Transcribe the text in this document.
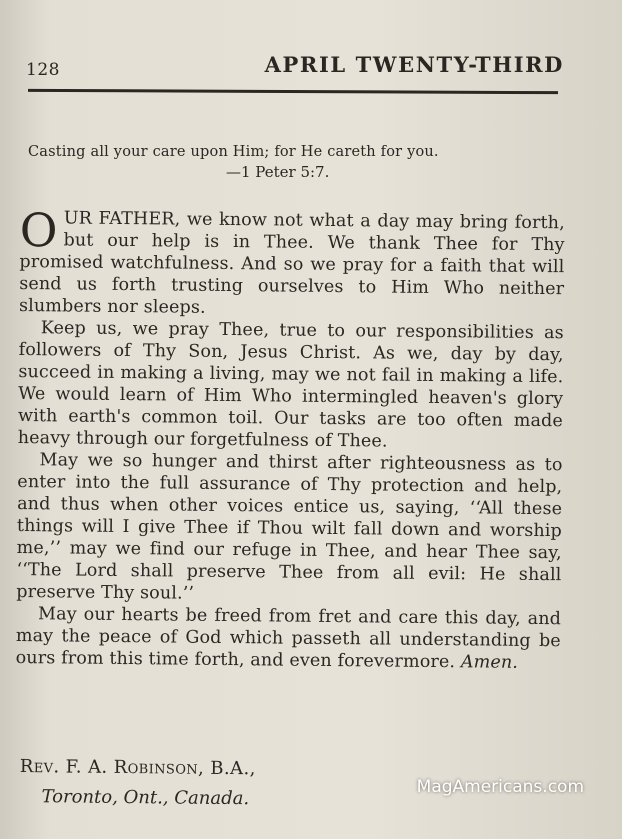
128	APRIL TWENTY-THIRD
Casting all your care upon Him; for He careth for you.
—1 Peter 5:7.

OUR FATHER, we know not what a day may bring forth, but our help is in Thee. We thank Thee for Thy promised watchfulness. And so we pray for a faith that will send us forth trusting ourselves to Him Who neither slumbers nor sleeps.

Keep us, we pray Thee, true to our responsibilities as followers of Thy Son, Jesus Christ. As we, day by day, succeed in making a living, may we not fail in making a life. We would learn of Him Who intermingled heaven's glory with earth's common toil. Our tasks are too often made heavy through our forgetfulness of Thee.

May we so hunger and thirst after righteousness as to enter into the full assurance of Thy protection and help, and thus when other voices entice us, saying, ‘‘All these things will I give Thee if Thou wilt fall down and worship me,’’ may we find our refuge in Thee, and hear Thee say, ‘‘The Lord shall preserve Thee from all evil: He shall preserve Thy soul.’’

May our hearts be freed from fret and care this day, and may the peace of God which passeth all understanding be ours from this time forth, and even forevermore. Amen.

Rev. F. A. Robinson, B.A.,
Toronto, Ont., Canada.	MagAmericans.com
